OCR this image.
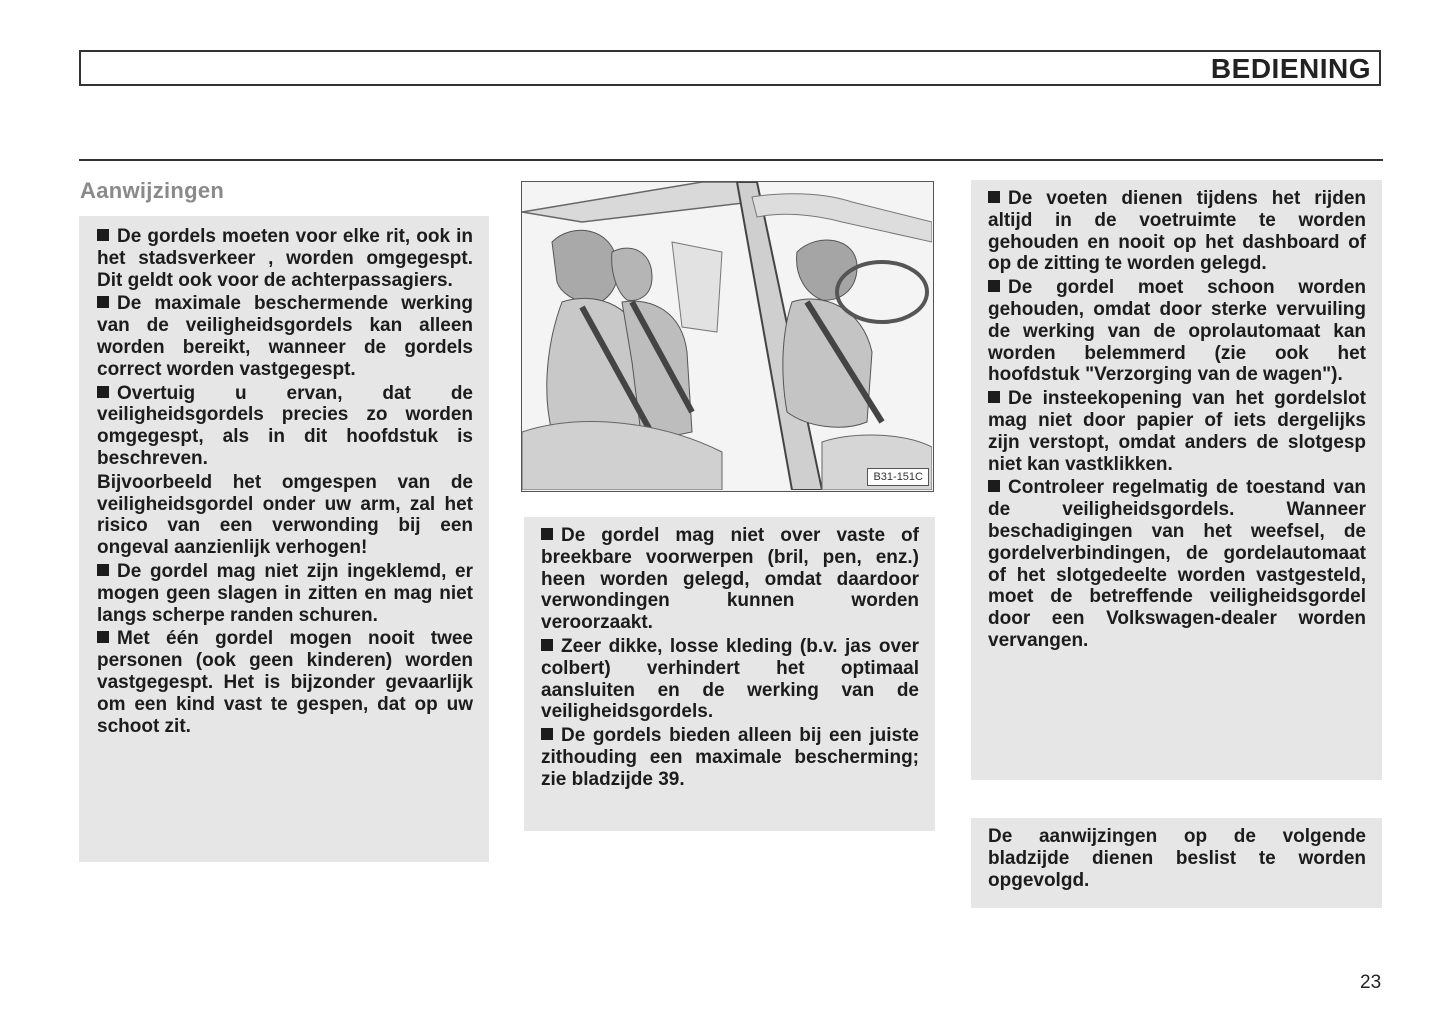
BEDIENING
Aanwijzingen

De gordels moeten voor elke rit, ook in het stadsverkeer , worden omgegespt. Dit geldt ook voor de achterpassagiers.

De maximale beschermende werking van de veiligheidsgordels kan alleen worden bereikt, wanneer de gordels correct worden vastgegespt.

Overtuig u ervan, dat de veiligheidsgordels precies zo worden omgegespt, als in dit hoofdstuk is beschreven.

Bijvoorbeeld het omgespen van de veiligheidsgordel onder uw arm, zal het risico van een verwonding bij een ongeval aanzienlijk verhogen!

De gordel mag niet zijn ingeklemd, er mogen geen slagen in zitten en mag niet langs scherpe randen schuren.

Met één gordel mogen nooit twee personen (ook geen kinderen) worden vastgegespt. Het is bijzonder gevaarlijk om een kind vast te gespen, dat op uw schoot zit.

B31-151C

De gordel mag niet over vaste of breekbare voorwerpen (bril, pen, enz.) heen worden gelegd, omdat daardoor verwondingen kunnen worden veroorzaakt.

Zeer dikke, losse kleding (b.v. jas over colbert) verhindert het optimaal aansluiten en de werking van de veiligheidsgordels.

De gordels bieden alleen bij een juiste zithouding een maximale bescherming; zie bladzijde 39.

De voeten dienen tijdens het rijden altijd in de voetruimte te worden gehouden en nooit op het dashboard of op de zitting te worden gelegd.

De gordel moet schoon worden gehouden, omdat door sterke vervuiling de werking van de oprolautomaat kan worden belemmerd (zie ook het hoofdstuk "Verzorging van de wagen").

De insteekopening van het gordelslot mag niet door papier of iets dergelijks zijn verstopt, omdat anders de slotgesp niet kan vastklikken.

Controleer regelmatig de toestand van de veiligheidsgordels. Wanneer beschadigingen van het weefsel, de gordelverbindingen, de gordelautomaat of het slotgedeelte worden vastgesteld, moet de betreffende veiligheidsgordel door een Volkswagen-dealer worden vervangen.

De aanwijzingen op de volgende bladzijde dienen beslist te worden opgevolgd.

23
